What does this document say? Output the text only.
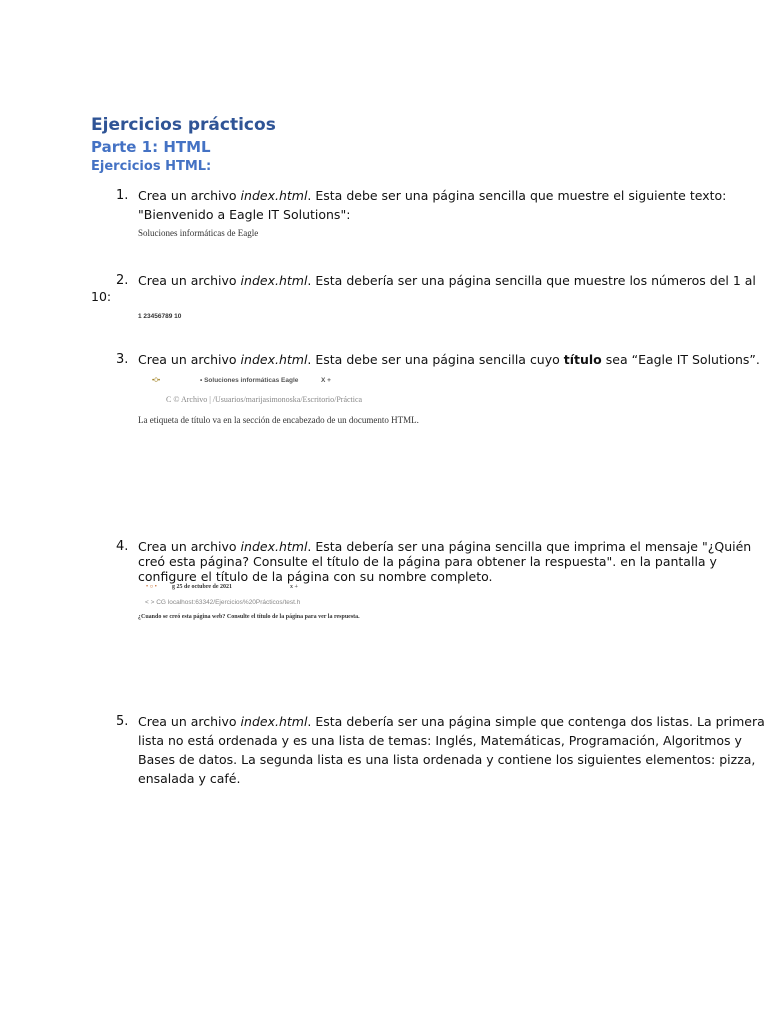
Ejercicios prácticos
Parte 1: HTML
Ejercicios HTML:
1. Crea un archivo index.html. Esta debe ser una página sencilla que muestre el siguiente texto:
"Bienvenido a Eagle IT Solutions":
Soluciones informáticas de Eagle
2. Crea un archivo index.html. Esta debería ser una página sencilla que muestre los números del 1 al
10:
1 23456789 10
3. Crea un archivo index.html. Esta debe ser una página sencilla cuyo título sea “Eagle IT Solutions”.
•0•	• Soluciones informáticas Eagle	X +
C © Archivo | /Usuarios/marijasimonoska/Escritorio/Práctica
La etiqueta de título va en la sección de encabezado de un documento HTML.
4. Crea un archivo index.html. Esta debería ser una página sencilla que imprima el mensaje "¿Quién
creó esta página? Consulte el título de la página para obtener la respuesta". en la pantalla y
configure el título de la página con su nombre completo.
• ○ •	g 25 de octubre de 2021	x +
< > CG localhost:63342/Ejercicios%20Prácticos/test.h
¿Cuando se creó esta página web? Consulte el título de la página para ver la respuesta.
5. Crea un archivo index.html. Esta debería ser una página simple que contenga dos listas. La primera
lista no está ordenada y es una lista de temas: Inglés, Matemáticas, Programación, Algoritmos y
Bases de datos. La segunda lista es una lista ordenada y contiene los siguientes elementos: pizza,
ensalada y café.
